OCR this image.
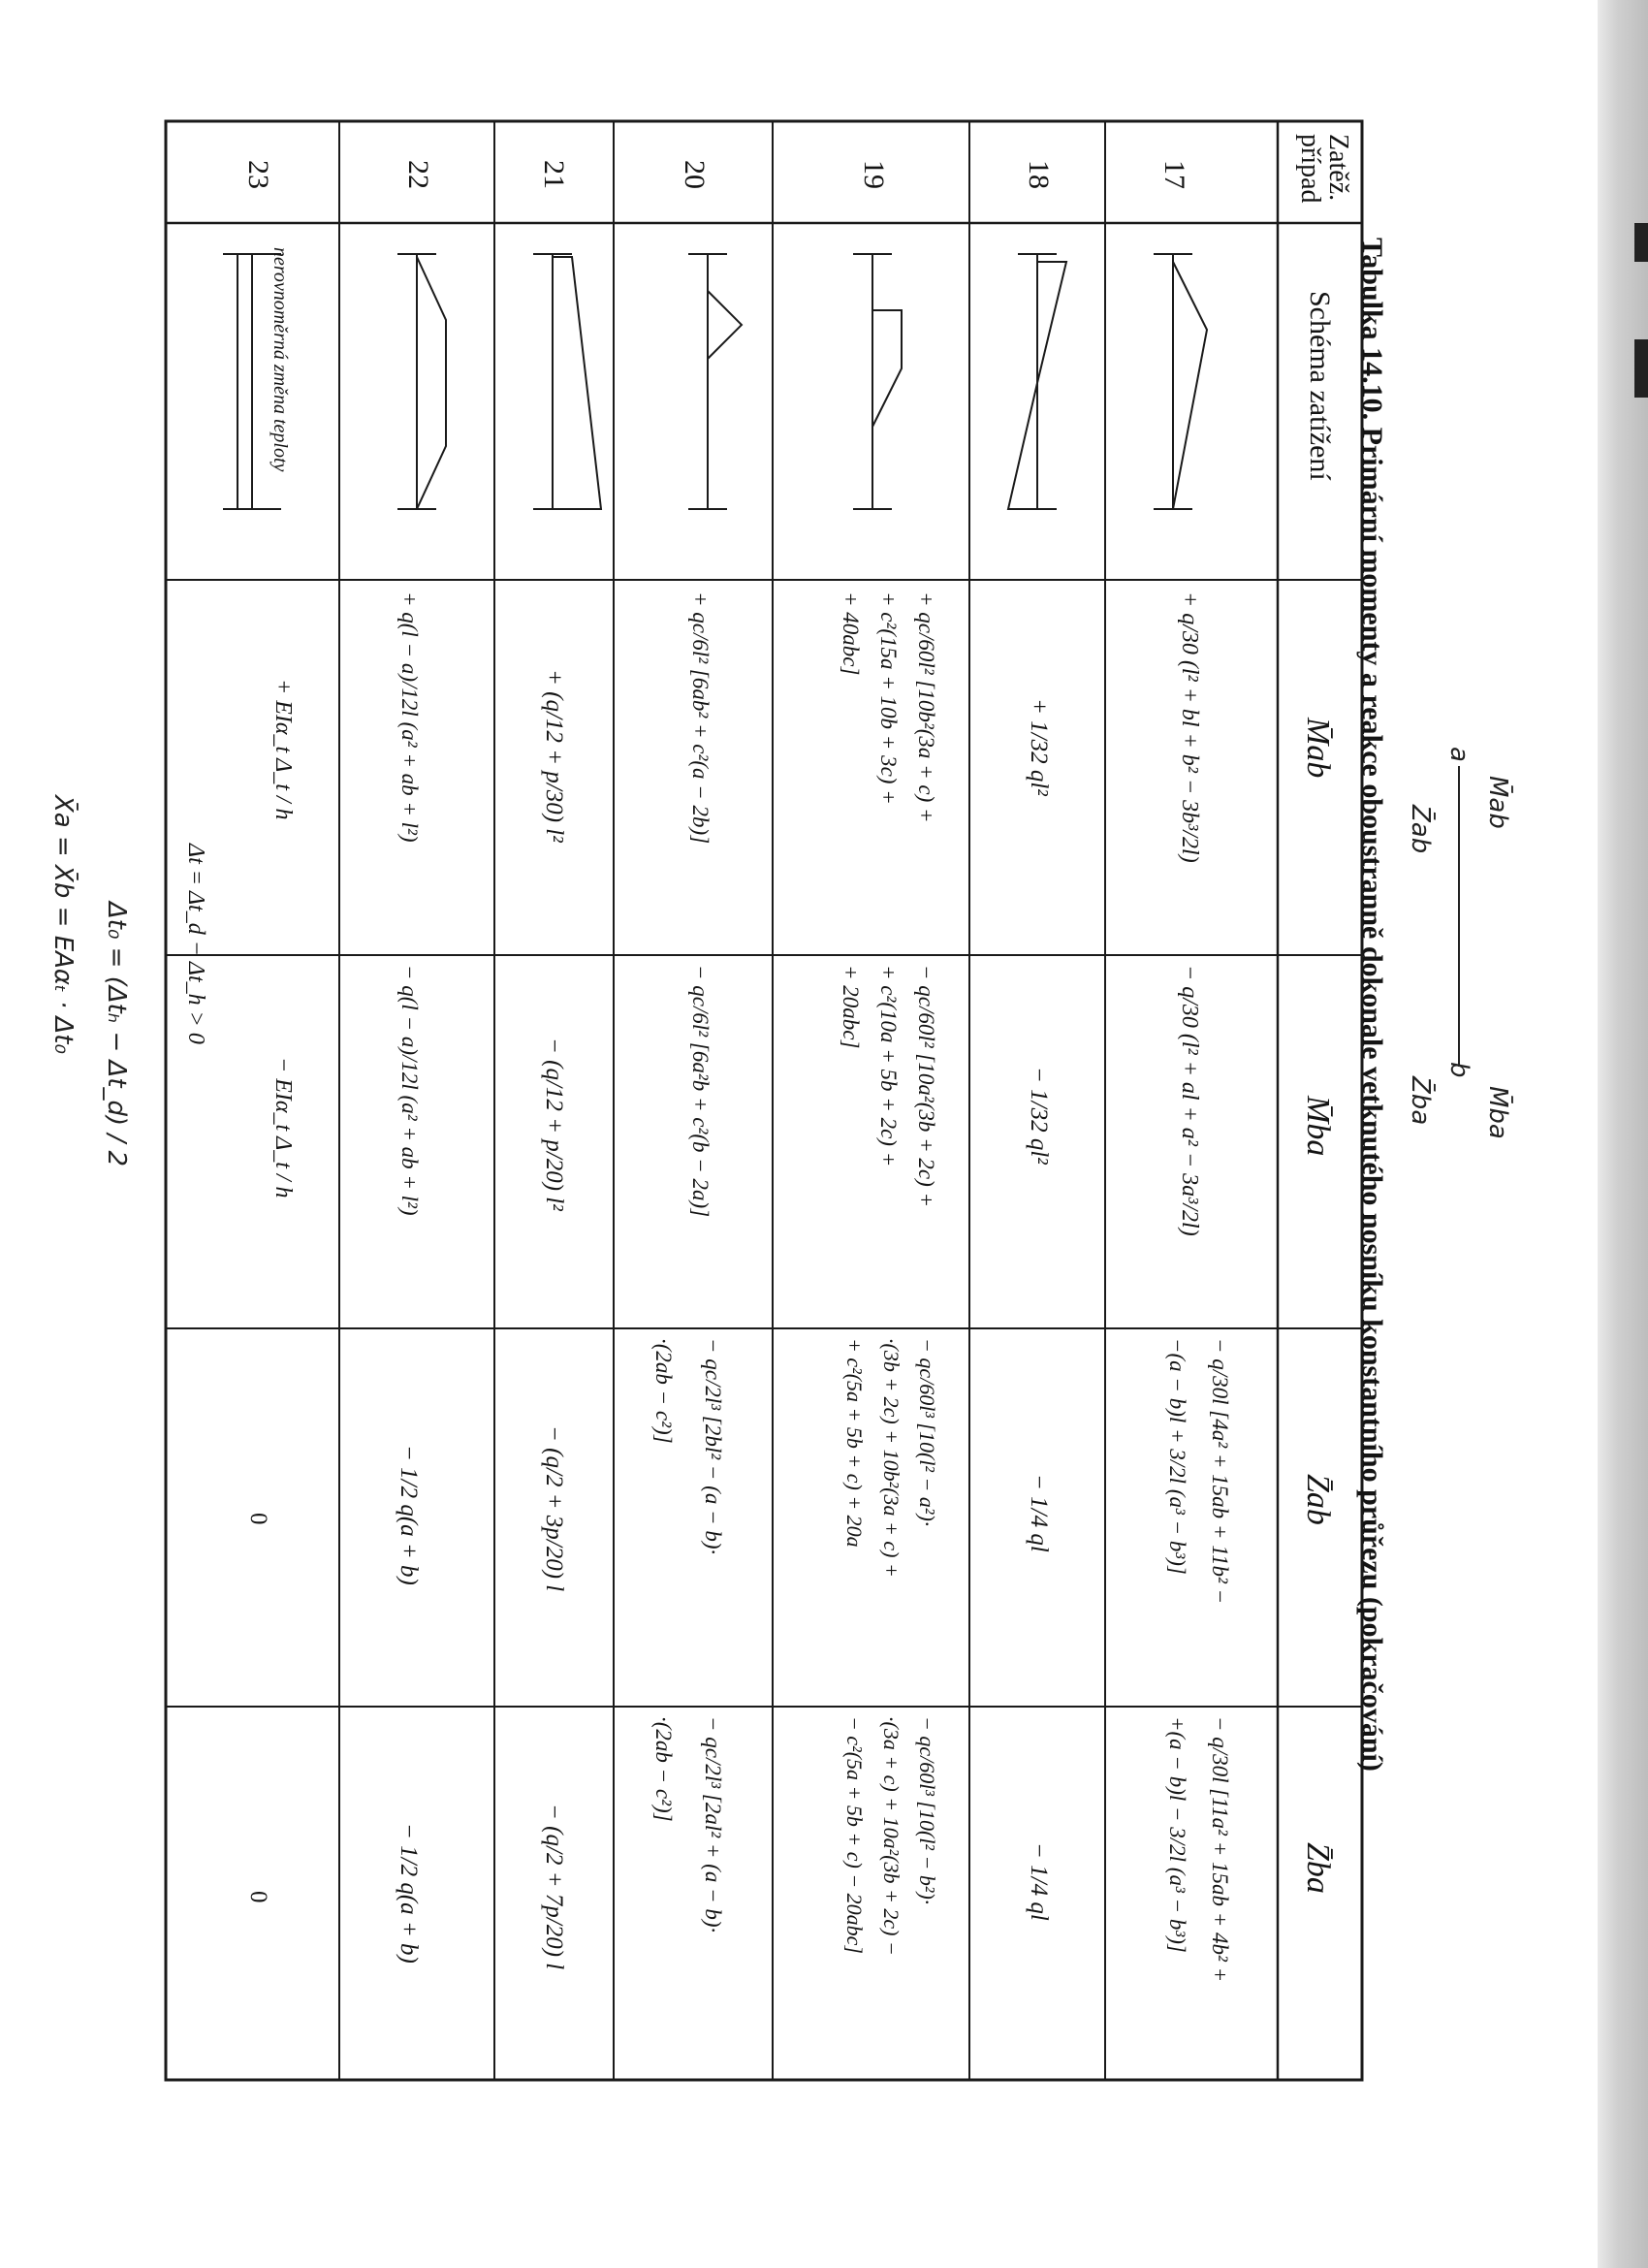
Tabulka 14.10. Primární momenty a reakce oboustranně dokonale vetknutého nosníku konstantního průřezu (pokračování)
Zatěž.
případ
Schéma zatížení
M̄ab
M̄ba
Z̄ab
Z̄ba
17
18
19
20
21
22
23
+ q/30 (l² + bl + b² − 3b³/2l)
− q/30 (l² + al + a² − 3a³/2l)
− q/30l [4a² + 15ab + 11b² −
−(a − b)l + 3/2l (a³ − b³)]
− q/30l [11a² + 15ab + 4b² +
+(a − b)l − 3/2l (a³ − b³)]
+ 1/32 ql²
− 1/32 ql²
− 1/4 ql
− 1/4 ql
+ qc/60l² [10b²(3a + c) +
+ c²(15a + 10b + 3c) +
+ 40abc]
− qc/60l² [10a²(3b + 2c) +
+ c²(10a + 5b + 2c) +
+ 20abc]
− qc/60l³ [10(l² − a²)·
·(3b + 2c) + 10b²(3a + c) +
+ c²(5a + 5b + c) + 20a
− qc/60l³ [10(l² − b²)·
·(3a + c) + 10a²(3b + 2c) −
− c²(5a + 5b + c) − 20abc]
+ qc/6l² [6ab² + c²(a − 2b)]
− qc/6l² [6a²b + c²(b − 2a)]
− qc/2l³ [2bl² − (a − b)·
·(2ab − c²)]
− qc/2l³ [2al² + (a − b)·
·(2ab − c²)]
+ (q/12 + p/30) l²
− (q/12 + p/20) l²
− (q/2 + 3p/20) l
− (q/2 + 7p/20) l
+ q(l − a)/12l (a² + ab + l²)
− q(l − a)/12l (a² + ab + l²)
− 1/2 q(a + b)
− 1/2 q(a + b)
+ EIα_t Δ_t / h
− EIα_t Δ_t / h
Δt = Δt_d − Δt_h > 0
0
0
nerovnoměrná změna teploty
M̄ab
M̄ba
Z̄ab
Z̄ba
a
b
Δt₀ = (Δtₕ − Δt_d) / 2
X̄a = X̄b = EAαₜ · Δt₀
